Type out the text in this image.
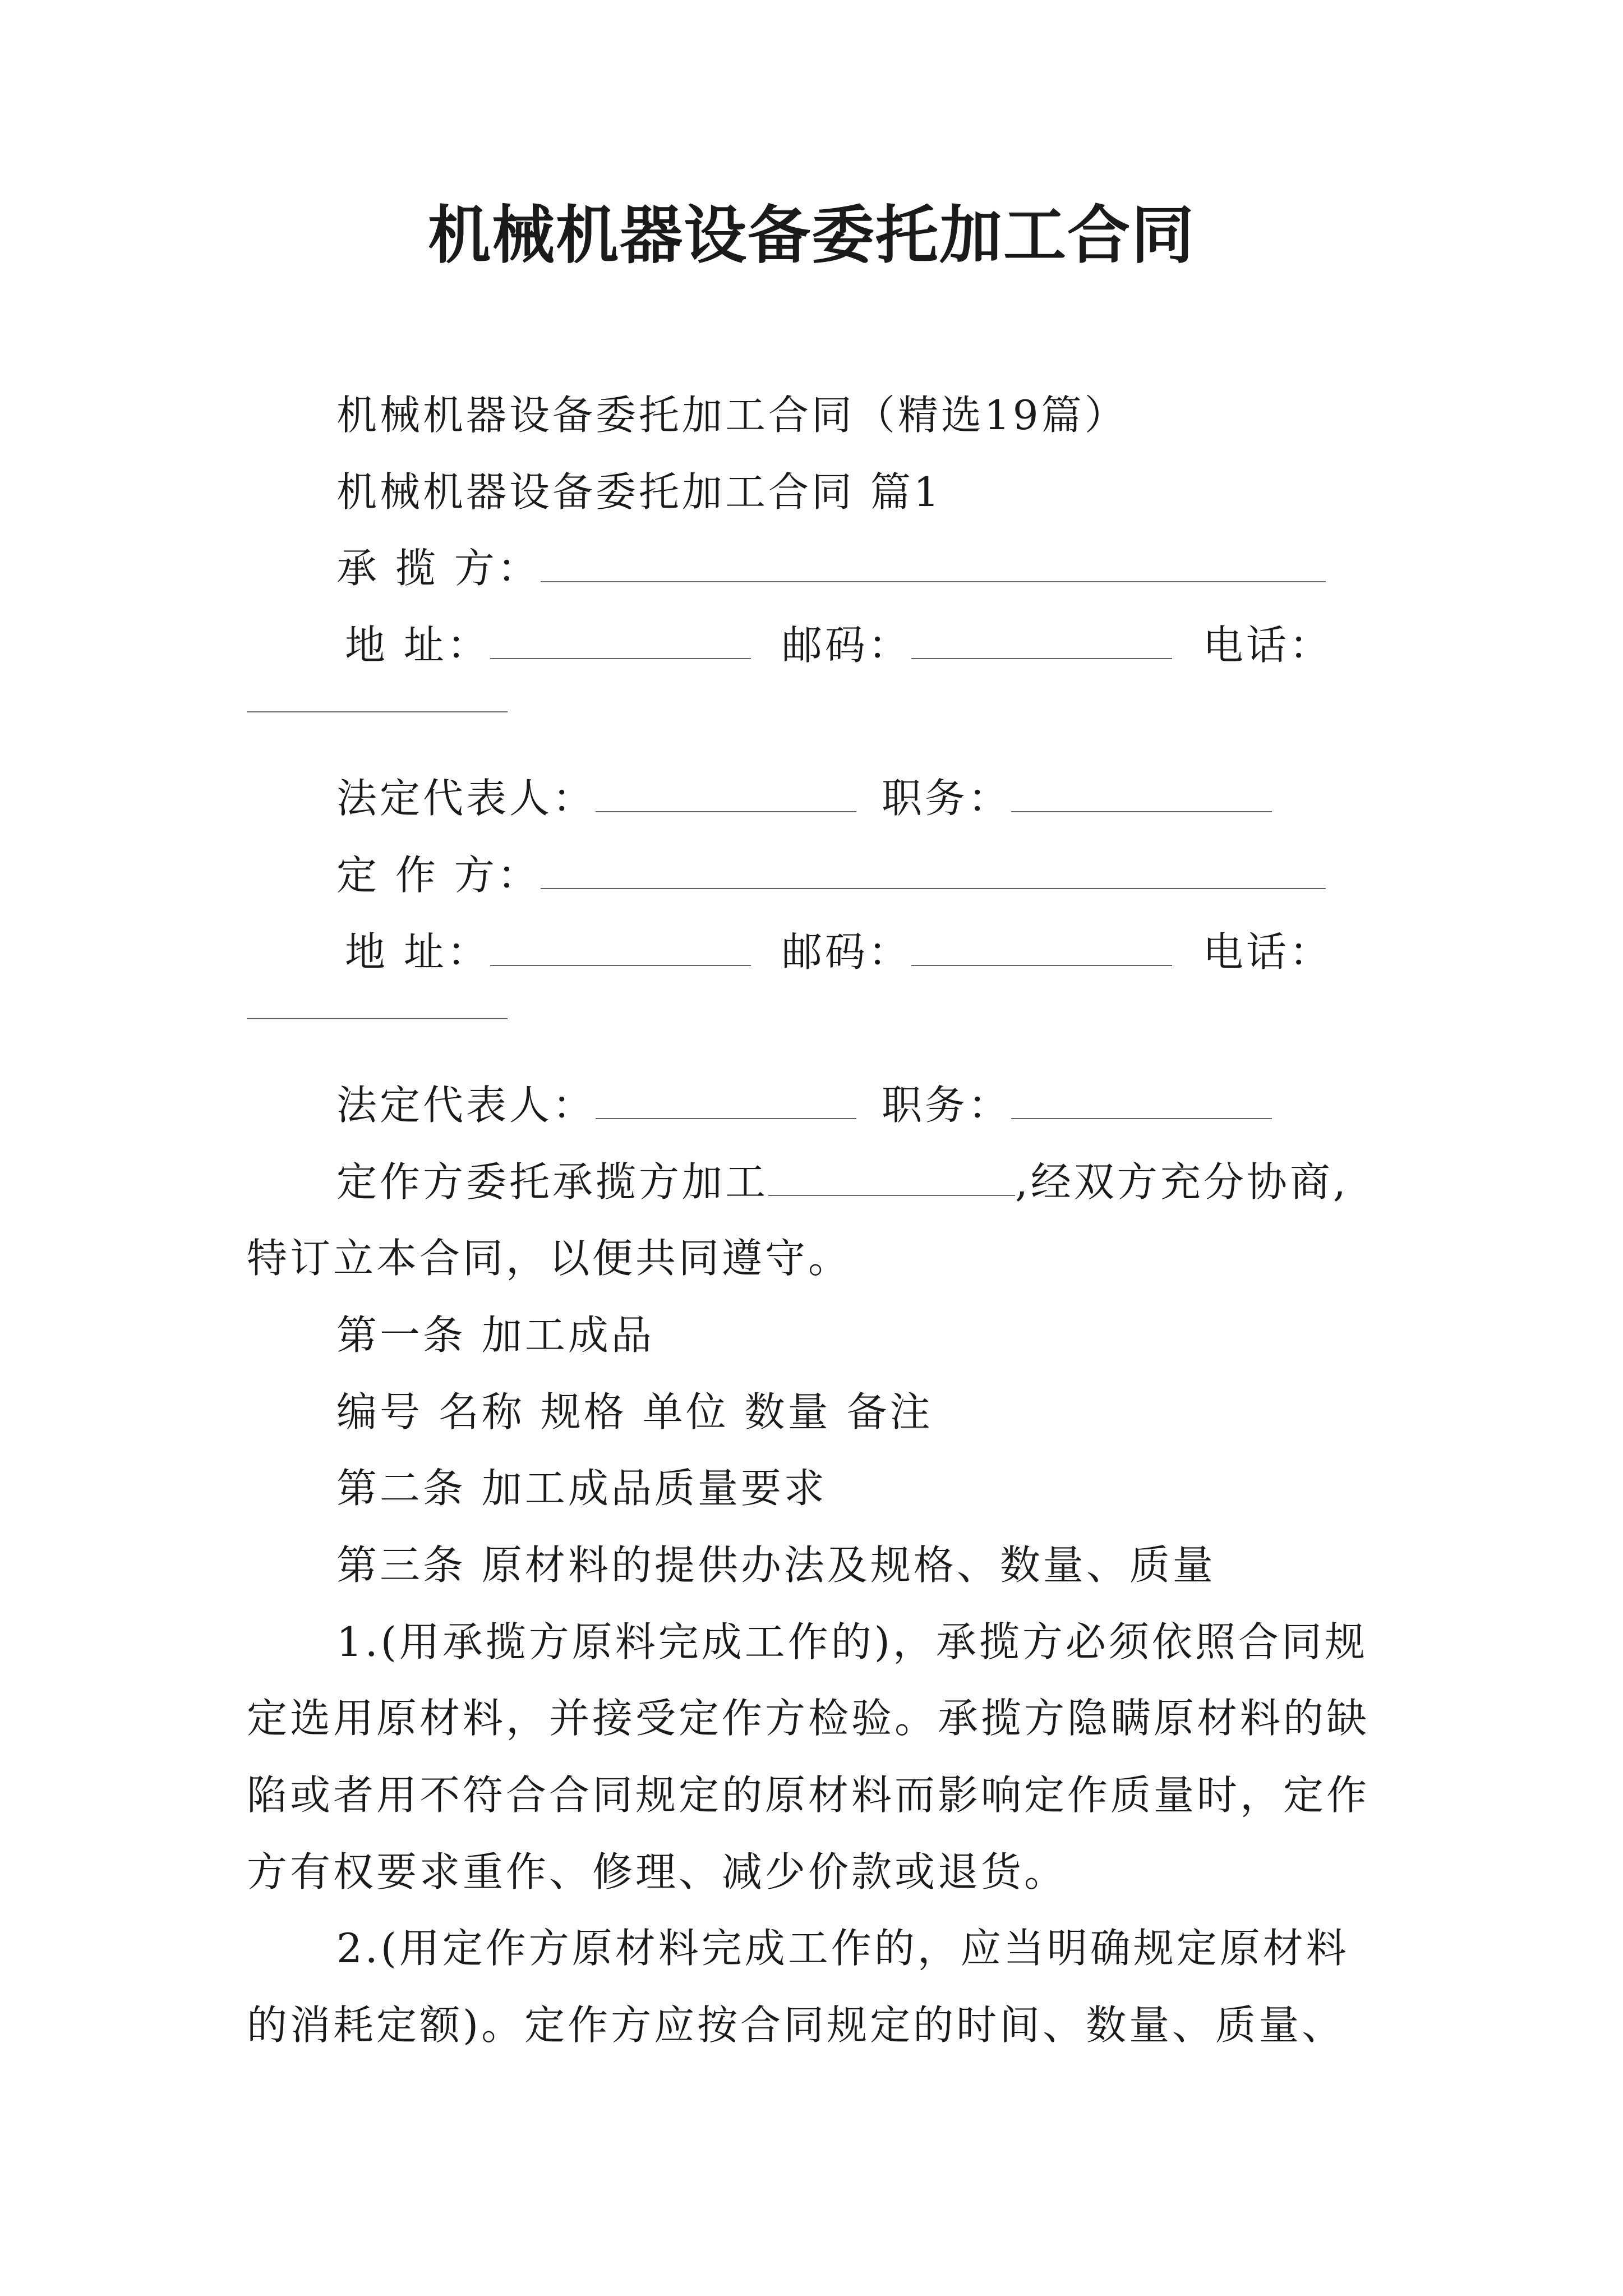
机械机器设备委托加工合同

机械机器设备委托加工合同（精选19篇）

机械机器设备委托加工合同 篇1

承 揽 方：

地 址：	邮码：	电话：

法定代表人：	职务：

定 作 方：

地 址：	邮码：	电话：

法定代表人：	职务：

定作方委托承揽方加工	,经双方充分协商,

特订立本合同，以便共同遵守。

第一条 加工成品

编号 名称 规格 单位 数量 备注

第二条 加工成品质量要求

第三条 原材料的提供办法及规格、数量、质量

1.(用承揽方原料完成工作的)，承揽方必须依照合同规

定选用原材料，并接受定作方检验。承揽方隐瞒原材料的缺

陷或者用不符合合同规定的原材料而影响定作质量时，定作

方有权要求重作、修理、减少价款或退货。

2.(用定作方原材料完成工作的，应当明确规定原材料

的消耗定额)。定作方应按合同规定的时间、数量、质量、
